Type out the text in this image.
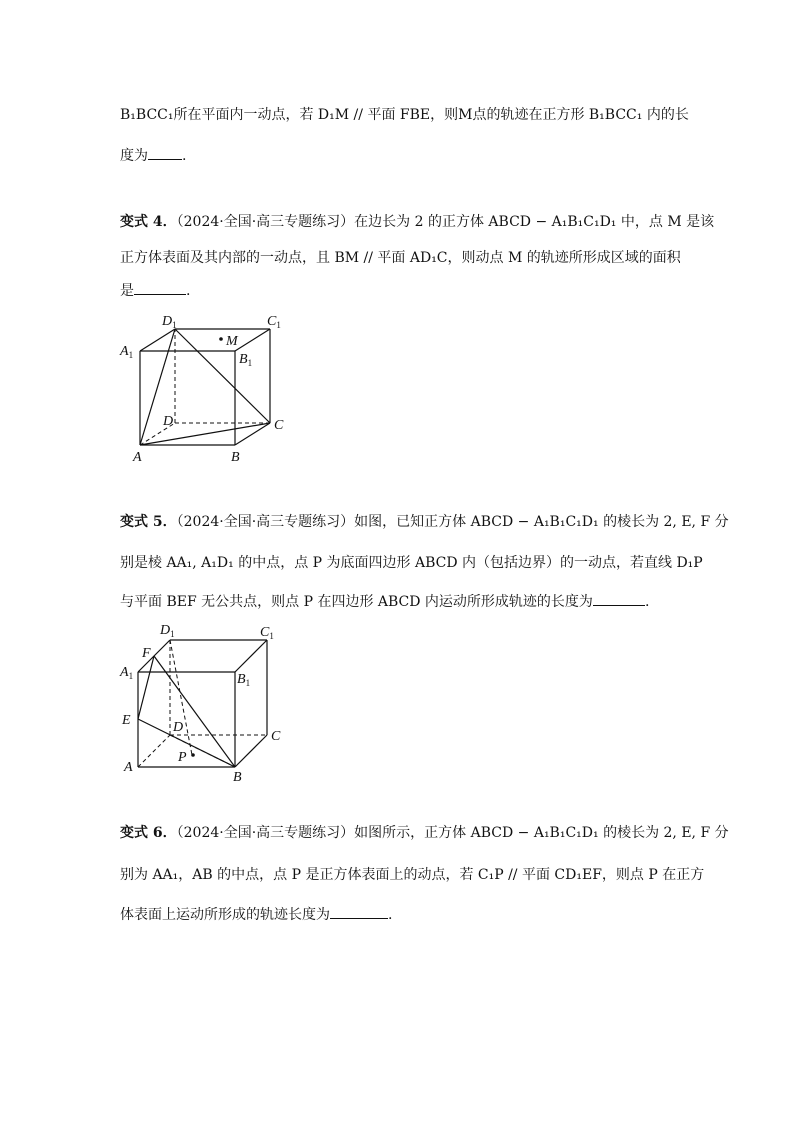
B₁BCC₁所在平面内一动点，若 D₁M // 平面 FBE，则M点的轨迹在正方形 B₁BCC₁ 内的长
度为 .
变式 4．（2024·全国·高三专题练习）在边长为 2 的正方体 ABCD − A₁B₁C₁D₁ 中，点 M 是该
正方体表面及其内部的一动点，且 BM // 平面 AD₁C，则动点 M 的轨迹所形成区域的面积
是	.
$D_1$	$C_1$
$A_1$	$B_1$
M
D	C
A	B
变式 5．（2024·全国·高三专题练习）如图，已知正方体 ABCD − A₁B₁C₁D₁ 的棱长为 2, E, F 分
别是棱 AA₁, A₁D₁ 的中点，点 P 为底面四边形 ABCD 内（包括边界）的一动点，若直线 D₁P
与平面 BEF 无公共点，则点 P 在四边形 ABCD 内运动所形成轨迹的长度为	.
$D_1$	$C_1$
F
$A_1$	$B_1$
E	D
C
P
A
B
变式 6．（2024·全国·高三专题练习）如图所示，正方体 ABCD − A₁B₁C₁D₁ 的棱长为 2, E, F 分
别为 AA₁，AB 的中点，点 P 是正方体表面上的动点，若 C₁P // 平面 CD₁EF，则点 P 在正方
体表面上运动所形成的轨迹长度为	.
